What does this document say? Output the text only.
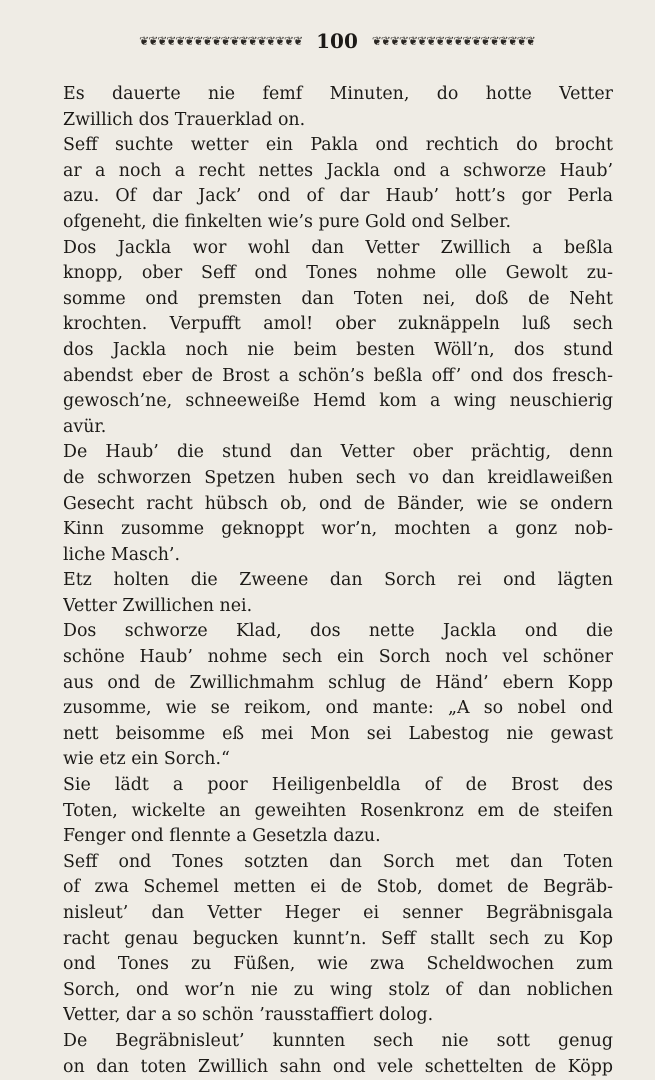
❦❦❦❦❦❦❦❦❦❦❦❦❦❦❦❦❦❦ 100 ❦❦❦❦❦❦❦❦❦❦❦❦❦❦❦❦❦❦
Es dauerte nie femf Minuten, do hotte Vetter
Zwillich dos Trauerklad on.
Seff suchte wetter ein Pakla ond rechtich do brocht
ar a noch a recht nettes Jackla ond a schworze Haub’
azu. Of dar Jack’ ond of dar Haub’ hott’s gor Perla
ofgeneht, die finkelten wie’s pure Gold ond Selber.
Dos Jackla wor wohl dan Vetter Zwillich a beßla
knopp, ober Seff ond Tones nohme olle Gewolt zu-
somme ond premsten dan Toten nei, doß de Neht
krochten. Verpufft amol! ober zuknäppeln luß sech
dos Jackla noch nie beim besten Wöll’n, dos stund
abendst eber de Brost a schön’s beßla off’ ond dos fresch-
gewosch’ne, schneeweiße Hemd kom a wing neuschierig
avür.
De Haub’ die stund dan Vetter ober prächtig, denn
de schworzen Spetzen huben sech vo dan kreidlaweißen
Gesecht racht hübsch ob, ond de Bänder, wie se ondern
Kinn zusomme geknoppt wor’n, mochten a gonz nob-
liche Masch’.
Etz holten die Zweene dan Sorch rei ond lägten
Vetter Zwillichen nei.
Dos schworze Klad, dos nette Jackla ond die
schöne Haub’ nohme sech ein Sorch noch vel schöner
aus ond de Zwillichmahm schlug de Händ’ ebern Kopp
zusomme, wie se reikom, ond mante: „A so nobel ond
nett beisomme eß mei Mon sei Labestog nie gewast
wie etz ein Sorch.“
Sie lädt a poor Heiligenbeldla of de Brost des
Toten, wickelte an geweihten Rosenkronz em de steifen
Fenger ond flennte a Gesetzla dazu.
Seff ond Tones sotzten dan Sorch met dan Toten
of zwa Schemel metten ei de Stob, domet de Begräb-
nisleut’ dan Vetter Heger ei senner Begräbnisgala
racht genau begucken kunnt’n. Seff stallt sech zu Kop
ond Tones zu Füßen, wie zwa Scheldwochen zum
Sorch, ond wor’n nie zu wing stolz of dan noblichen
Vetter, dar a so schön ’rausstaffiert dolog.
De Begräbnisleut’ kunnten sech nie sott genug
on dan toten Zwillich sahn ond vele schettelten de Köpp
